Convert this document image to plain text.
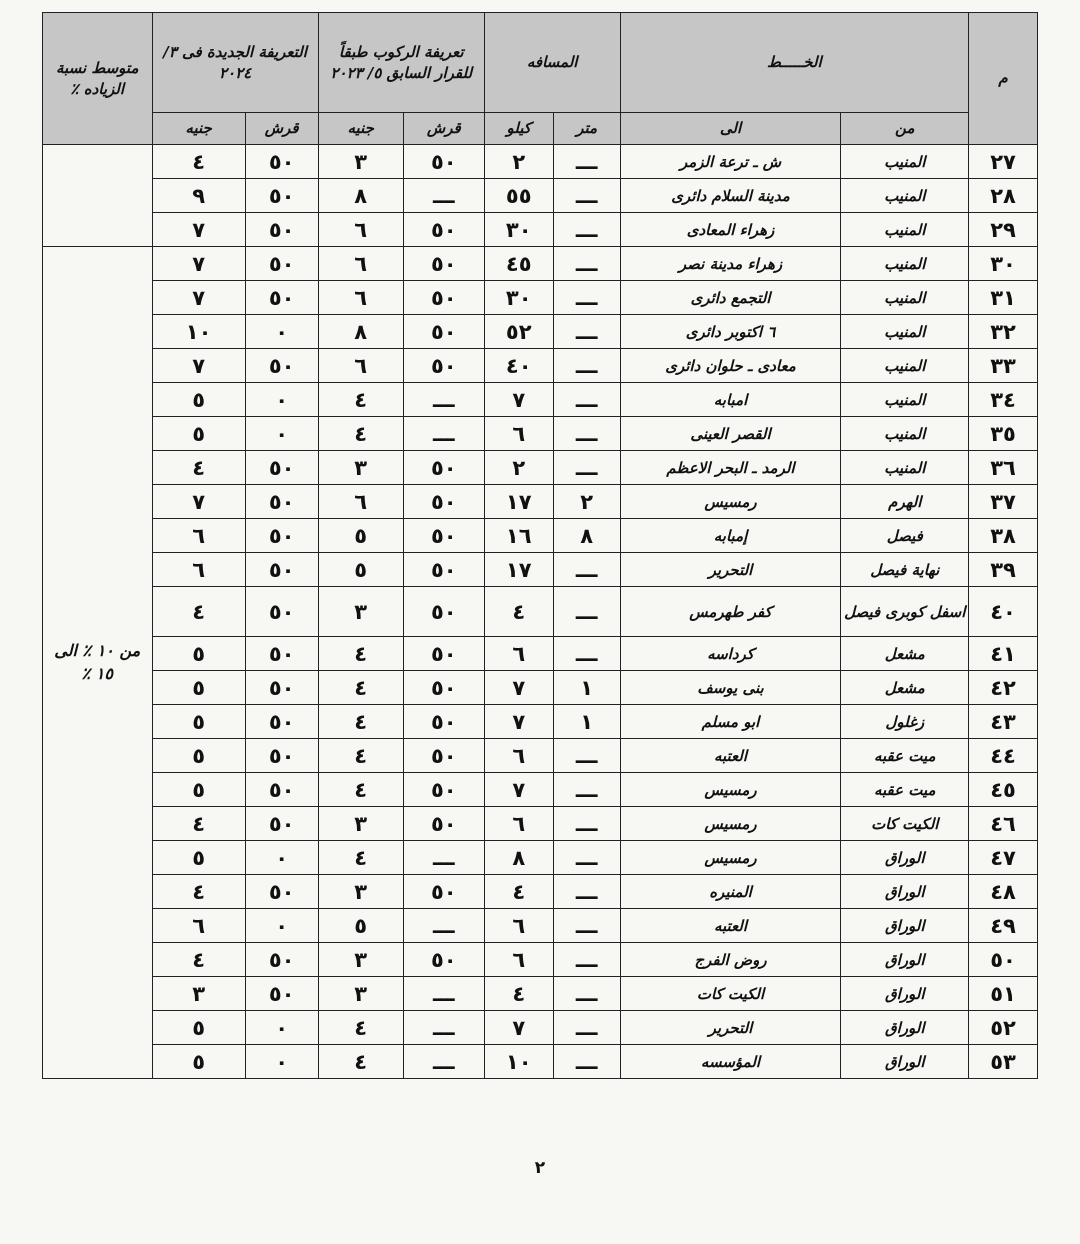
م	الخـــــط		المسافه		تعريفة الركوب طبقاً للقرار السابق ٥/ ٢٠٢٣		التعريفة الجديدة فى ٣/ ٢٠٢٤		متوسط نسبة الزياده ٪
	من	الى	متر	كيلو	قرش	جنيه	قرش	جنيه	
٢٧	المنيب	ش ـ ترعة الزمر	ـــ	٢	٥٠	٣	٥٠	٤	
٢٨	المنيب	مدينة السلام دائرى	ـــ	٥٥	ـــ	٨	٥٠	٩	
٢٩	المنيب	زهراء المعادى	ـــ	٣٠	٥٠	٦	٥٠	٧	
٣٠	المنيب	زهراء مدينة نصر	ـــ	٤٥	٥٠	٦	٥٠	٧	من ١٠ ٪ الى ١٥ ٪
٣١	المنيب	التجمع دائرى	ـــ	٣٠	٥٠	٦	٥٠	٧	
٣٢	المنيب	٦ اكتوبر دائرى	ـــ	٥٢	٥٠	٨	٠	١٠	
٣٣	المنيب	معادى ـ حلوان دائرى	ـــ	٤٠	٥٠	٦	٥٠	٧	
٣٤	المنيب	امبابه	ـــ	٧	ـــ	٤	٠	٥	
٣٥	المنيب	القصر العينى	ـــ	٦	ـــ	٤	٠	٥	
٣٦	المنيب	الرمد ـ البحر الاعظم	ـــ	٢	٥٠	٣	٥٠	٤	
٣٧	الهرم	رمسيس	٢	١٧	٥٠	٦	٥٠	٧	
٣٨	فيصل	إمبابه	٨	١٦	٥٠	٥	٥٠	٦	
٣٩	نهاية فيصل	التحرير	ـــ	١٧	٥٠	٥	٥٠	٦	
٤٠	اسفل كوبرى فيصل	كفر طهرمس	ـــ	٤	٥٠	٣	٥٠	٤	
٤١	مشعل	كرداسه	ـــ	٦	٥٠	٤	٥٠	٥	
٤٢	مشعل	بنى يوسف	١	٧	٥٠	٤	٥٠	٥	
٤٣	زغلول	ابو مسلم	١	٧	٥٠	٤	٥٠	٥	
٤٤	ميت عقبه	العتبه	ـــ	٦	٥٠	٤	٥٠	٥	
٤٥	ميت عقبه	رمسيس	ـــ	٧	٥٠	٤	٥٠	٥	
٤٦	الكيت كات	رمسيس	ـــ	٦	٥٠	٣	٥٠	٤	
٤٧	الوراق	رمسيس	ـــ	٨	ـــ	٤	٠	٥	
٤٨	الوراق	المنيره	ـــ	٤	٥٠	٣	٥٠	٤	
٤٩	الوراق	العتبه	ـــ	٦	ـــ	٥	٠	٦	
٥٠	الوراق	روض الفرج	ـــ	٦	٥٠	٣	٥٠	٤	
٥١	الوراق	الكيت كات	ـــ	٤	ـــ	٣	٥٠	٣	
٥٢	الوراق	التحرير	ـــ	٧	ـــ	٤	٠	٥	
٥٣	الوراق	المؤسسه	ـــ	١٠	ـــ	٤	٠	٥	
٢
